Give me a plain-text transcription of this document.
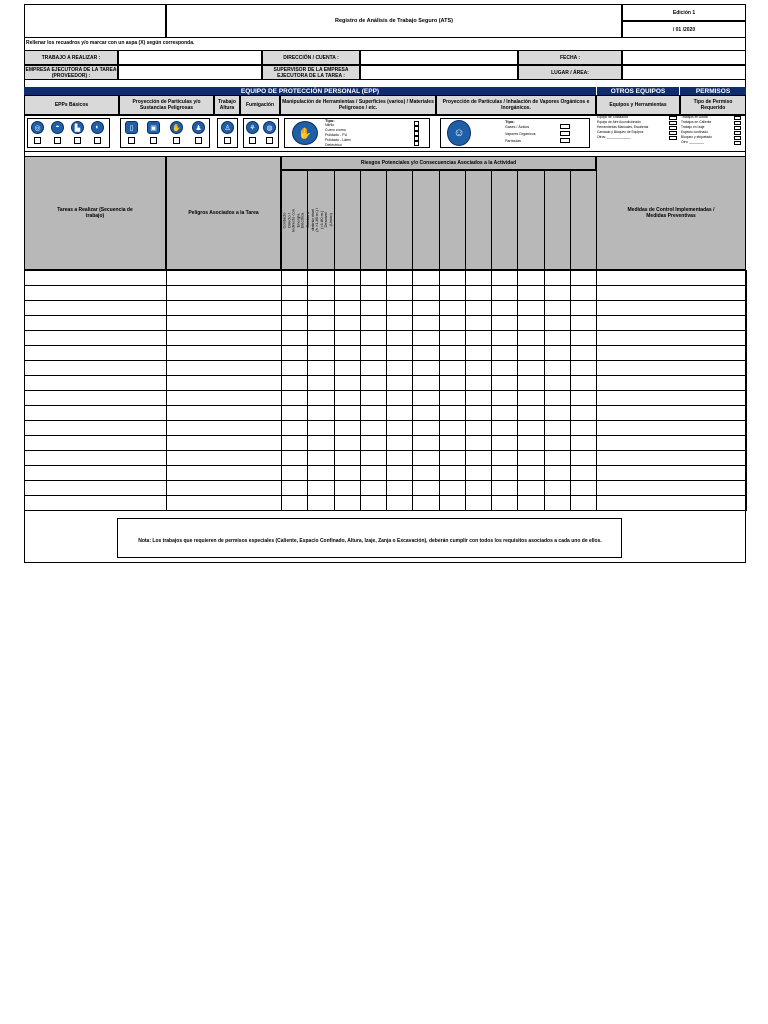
Registro de Análisis de Trabajo Seguro (ATS)
Edición 1
/ 01 /2020
Rellenar los recuadros y/o marcar con un aspa (X) según corresponda.
TRABAJO A REALIZAR :	DIRECCIÓN / CUENTA :	FECHA :
EMPRESA EJECUTORA DE LA TAREA (PROVEEDOR) :
SUPERVISOR DE LA EMPRESA EJECUTORA DE LA TAREA :	LUGAR / ÁREA:
EQUIPO DE PROTECCIÓN PERSONAL (EPP)	OTROS EQUIPOS	PERMISOS
EPPs Básicos	Proyección de Partículas y/o Sustancias Peligrosas
Trabajo Altura	Fumigación	Manipulación de Herramientas / Superficies (varios) / Materiales Peligrosos / etc.
Proyección de Partículas / Inhalación de Vapores Orgánicos e Inorgánicos.	Equipos y Herramientas	Tipo de Permiso Requerido
◎	◓	▙	◐	▯	▣	✋	♟	♙	⚘	◍	✋
Tipo:
Nitrilo
Cuero cromo
Pulidado - PU
Pulidado - Látex
Dieléctrico
☺
Tipo:
Gases / Ácidos
Vapores Orgánicos
Partículas
Equipo de Soldadura
Equipo de Aire Acondicionado
Herramientas Manuales, Escaleras
Candado y Bloqueo de Equipos
Otros: _____________
Trabajos en Altura
Trabajos en Caliente
Trabajo en Izaje
Espacio confinado
Bloqueo y etiquetado
Otro: ________
Tareas a Realizar (Secuencia de trabajo)	Peligros Asociados a la Tarea
Riesgos Potenciales y/o Consecuencias Asociados a la Actividad
Medidas de Control Implementadas / Medidas Preventivas
Contacto Directo / Indirecto con Energía Eléctrica Caídas a distinto nivel (h >1.80 m.) / (>1.80 m.) Desnivel (Unión)
Nota: Los trabajos que requieren de permisos especiales (Caliente, Espacio Confinado, Altura, Izaje, Zanja o Excavación), deberán cumplir con todos los requisitos asociados a cada uno de ellos.
